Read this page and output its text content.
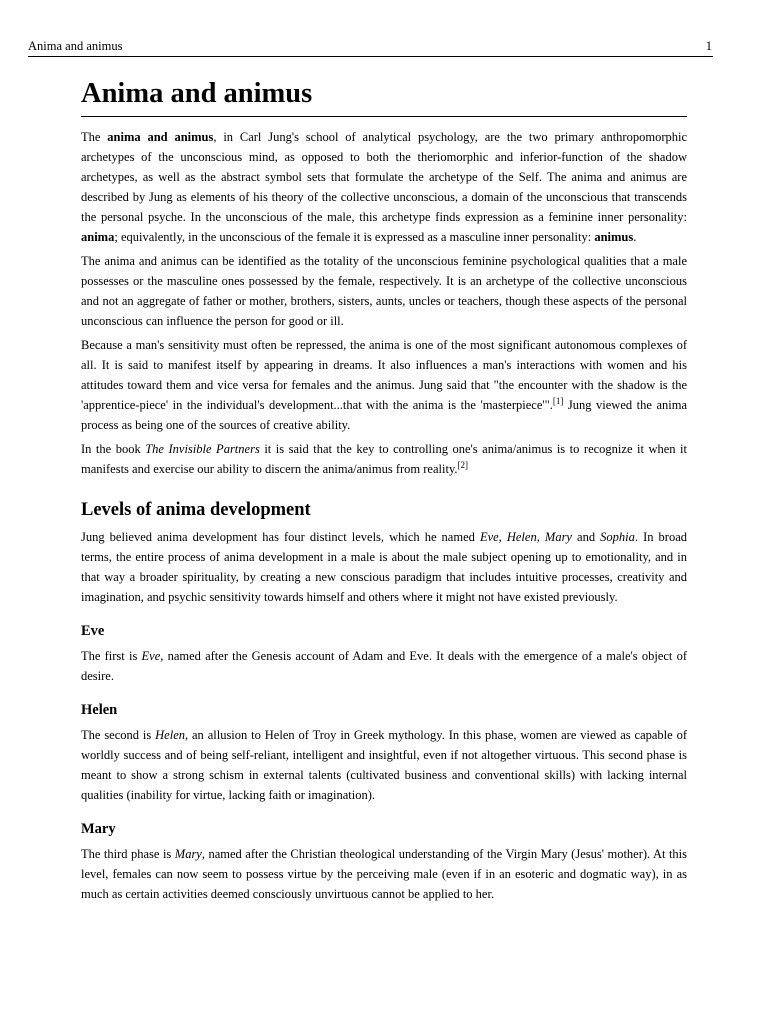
Anima and animus	1
Anima and animus

The anima and animus, in Carl Jung's school of analytical psychology, are the two primary anthropomorphic archetypes of the unconscious mind, as opposed to both the theriomorphic and inferior-function of the shadow archetypes, as well as the abstract symbol sets that formulate the archetype of the Self. The anima and animus are described by Jung as elements of his theory of the collective unconscious, a domain of the unconscious that transcends the personal psyche. In the unconscious of the male, this archetype finds expression as a feminine inner personality: anima; equivalently, in the unconscious of the female it is expressed as a masculine inner personality: animus.

The anima and animus can be identified as the totality of the unconscious feminine psychological qualities that a male possesses or the masculine ones possessed by the female, respectively. It is an archetype of the collective unconscious and not an aggregate of father or mother, brothers, sisters, aunts, uncles or teachers, though these aspects of the personal unconscious can influence the person for good or ill.

Because a man's sensitivity must often be repressed, the anima is one of the most significant autonomous complexes of all. It is said to manifest itself by appearing in dreams. It also influences a man's interactions with women and his attitudes toward them and vice versa for females and the animus. Jung said that "the encounter with the shadow is the 'apprentice-piece' in the individual's development...that with the anima is the 'masterpiece'".[1] Jung viewed the anima process as being one of the sources of creative ability.

In the book The Invisible Partners it is said that the key to controlling one's anima/animus is to recognize it when it manifests and exercise our ability to discern the anima/animus from reality.[2]

Levels of anima development

Jung believed anima development has four distinct levels, which he named Eve, Helen, Mary and Sophia. In broad terms, the entire process of anima development in a male is about the male subject opening up to emotionality, and in that way a broader spirituality, by creating a new conscious paradigm that includes intuitive processes, creativity and imagination, and psychic sensitivity towards himself and others where it might not have existed previously.

Eve

The first is Eve, named after the Genesis account of Adam and Eve. It deals with the emergence of a male's object of desire.

Helen

The second is Helen, an allusion to Helen of Troy in Greek mythology. In this phase, women are viewed as capable of worldly success and of being self-reliant, intelligent and insightful, even if not altogether virtuous. This second phase is meant to show a strong schism in external talents (cultivated business and conventional skills) with lacking internal qualities (inability for virtue, lacking faith or imagination).

Mary

The third phase is Mary, named after the Christian theological understanding of the Virgin Mary (Jesus' mother). At this level, females can now seem to possess virtue by the perceiving male (even if in an esoteric and dogmatic way), in as much as certain activities deemed consciously unvirtuous cannot be applied to her.
